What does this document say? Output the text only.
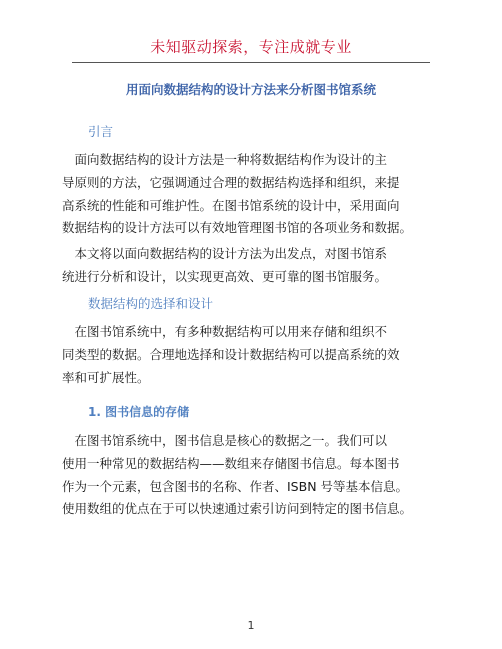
未知驱动探索，专注成就专业
用面向数据结构的设计方法来分析图书馆系统
引言
　面向数据结构的设计方法是一种将数据结构作为设计的主
导原则的方法，它强调通过合理的数据结构选择和组织，来提
高系统的性能和可维护性。在图书馆系统的设计中，采用面向
数据结构的设计方法可以有效地管理图书馆的各项业务和数据。
　本文将以面向数据结构的设计方法为出发点，对图书馆系
统进行分析和设计，以实现更高效、更可靠的图书馆服务。
数据结构的选择和设计
　在图书馆系统中，有多种数据结构可以用来存储和组织不
同类型的数据。合理地选择和设计数据结构可以提高系统的效
率和可扩展性。
1. 图书信息的存储
　在图书馆系统中，图书信息是核心的数据之一。我们可以
使用一种常见的数据结构——数组来存储图书信息。每本图书
作为一个元素，包含图书的名称、作者、ISBN 号等基本信息。
使用数组的优点在于可以快速通过索引访问到特定的图书信息。
1
